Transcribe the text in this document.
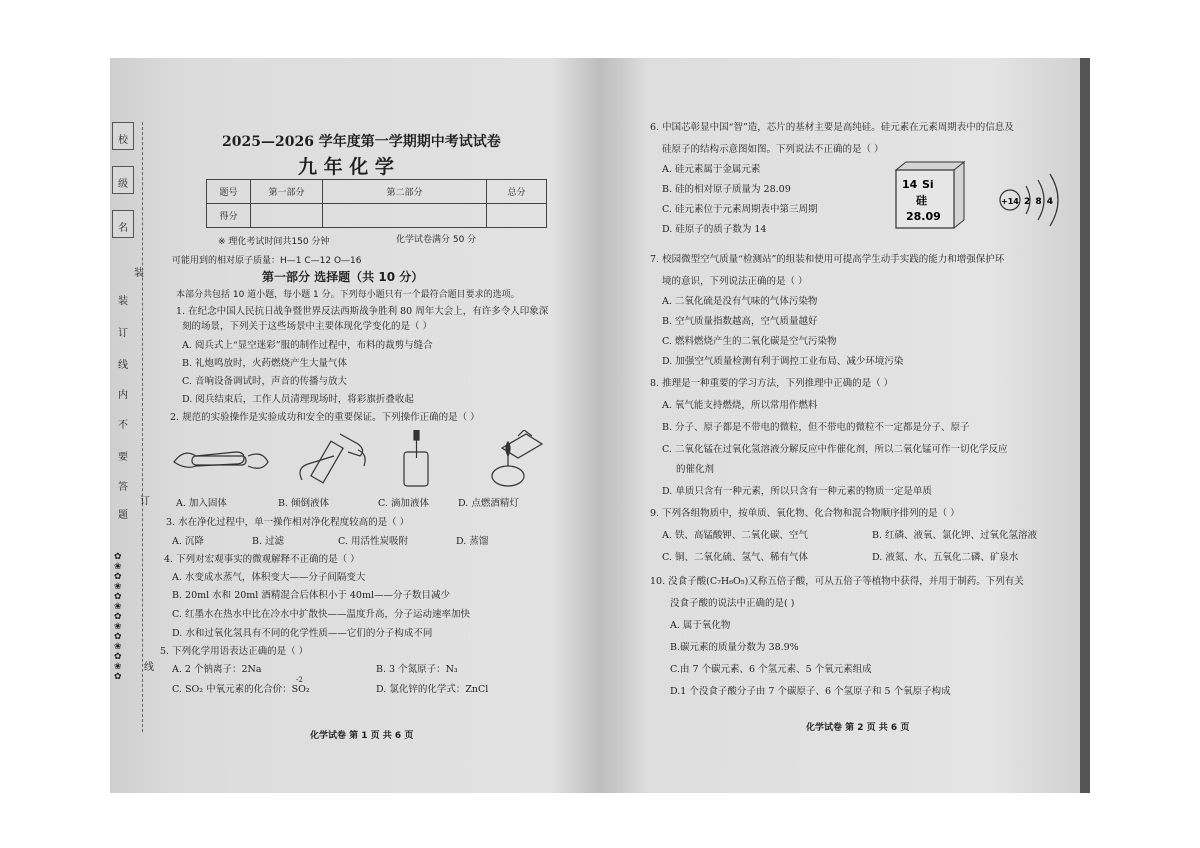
校
级
名
装
装
订
线
内
不
要
答
题
订
线
✿
❀
✿
❀
✿
❀
✿
❀
✿
❀
✿
❀
✿
2025—2026 学年度第一学期期中考试试卷
九 年 化 学
题号	第一部分	第二部分	总分
得分			
※ 理化考试时间共150 分钟	化学试卷满分 50 分
可能用到的相对原子质量：H—1 C—12 O—16
第一部分 选择题（共 10 分）
本部分共包括 10 道小题，每小题 1 分。下列每小题只有一个最符合题目要求的选项。
1. 在纪念中国人民抗日战争暨世界反法西斯战争胜利 80 周年大会上，有许多令人印象深
刻的场景，下列关于这些场景中主要体现化学变化的是（ ）
A. 阅兵式上“显空迷彩”服的制作过程中，布料的裁剪与缝合
B. 礼炮鸣放时，火药燃烧产生大量气体
C. 音响设备调试时，声音的传播与放大
D. 阅兵结束后，工作人员清理现场时，将彩旗折叠收起
2. 规范的实验操作是实验成功和安全的重要保证。下列操作正确的是（ ）
A. 加入固体	B. 倾倒液体	C. 滴加液体	D. 点燃酒精灯
3. 水在净化过程中，单一操作相对净化程度较高的是（ ）
A. 沉降	B. 过滤	C. 用活性炭吸附	D. 蒸馏
4. 下列对宏观事实的微观解释不正确的是（ ）
A. 水变成水蒸气，体积变大——分子间隔变大
B. 20ml 水和 20ml 酒精混合后体积小于 40ml——分子数目减少
C. 红墨水在热水中比在冷水中扩散快——温度升高，分子运动速率加快
D. 水和过氧化氢具有不同的化学性质——它们的分子构成不同
5. 下列化学用语表达正确的是（ ）
A. 2 个钠离子：2Na	B. 3 个氮原子：N₃
-2
C. SO₂ 中氧元素的化合价：SO₂	D. 氯化锌的化学式：ZnCl
化学试卷 第 1 页 共 6 页
6. 中国芯彰显中国“智”造，芯片的基材主要是高纯硅。硅元素在元素周期表中的信息及
硅原子的结构示意图如图。下列说法不正确的是（ ）
A. 硅元素属于金属元素
B. 硅的相对原子质量为 28.09
C. 硅元素位于元素周期表中第三周期
D. 硅原子的质子数为 14
14 Si
硅
28.09
+14 2 8 4
7. 校园微型空气质量“检测站”的组装和使用可提高学生动手实践的能力和增强保护环
境的意识，下列说法正确的是（ ）
A. 二氧化硫是没有气味的气体污染物
B. 空气质量指数越高，空气质量越好
C. 燃料燃烧产生的二氧化碳是空气污染物
D. 加强空气质量检测有利于调控工业布局、减少环境污染
8. 推理是一种重要的学习方法，下列推理中正确的是（ ）
A. 氧气能支持燃烧，所以常用作燃料
B. 分子、原子都是不带电的微粒，但不带电的微粒不一定都是分子、原子
C. 二氧化锰在过氧化氢溶液分解反应中作催化剂，所以二氧化锰可作一切化学反应
的催化剂
D. 单质只含有一种元素，所以只含有一种元素的物质一定是单质
9. 下列各组物质中，按单质、氧化物、化合物和混合物顺序排列的是（ ）
A. 铁、高锰酸钾、二氧化碳、空气	B. 红磷、液氧、氯化钾、过氧化氢溶液
C. 铜、二氧化硫、氢气、稀有气体	D. 液氮、水、五氧化二磷、矿泉水
10. 没食子酸(C₇H₆O₅)又称五倍子酸，可从五倍子等植物中获得，并用于制药。下列有关
没食子酸的说法中正确的是( )
A. 属于氧化物
B.碳元素的质量分数为 38.9%
C.由 7 个碳元素、6 个氢元素、5 个氧元素组成
D.1 个没食子酸分子由 7 个碳原子、6 个氢原子和 5 个氧原子构成
化学试卷 第 2 页 共 6 页
